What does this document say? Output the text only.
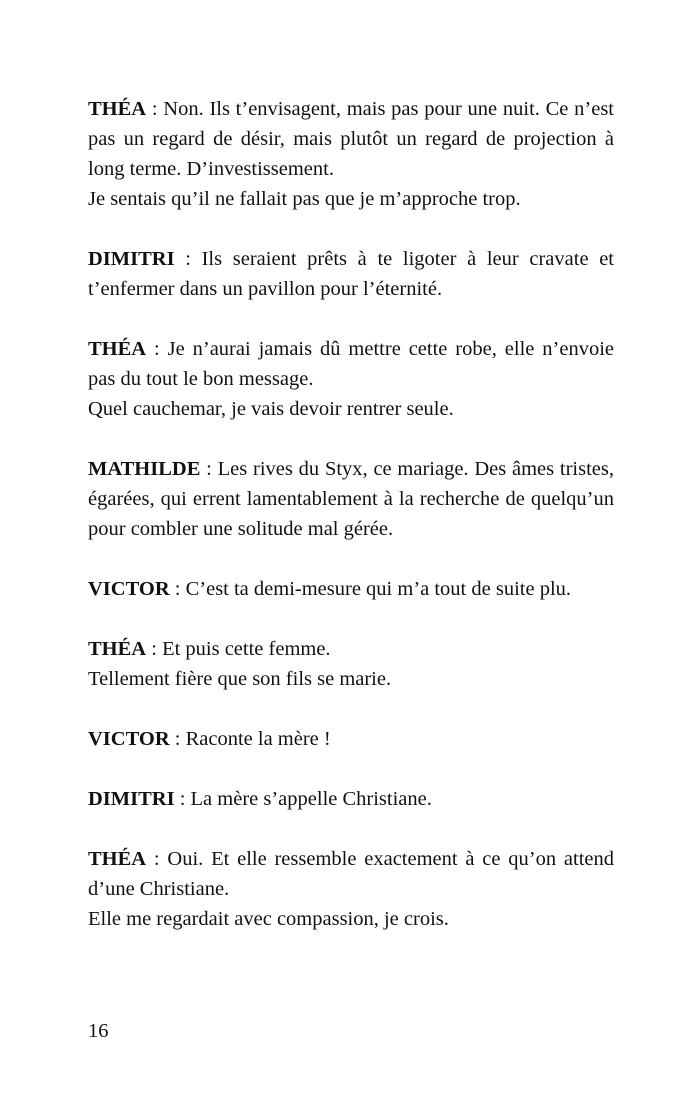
THÉA : Non. Ils t’envisagent, mais pas pour une nuit. Ce n’est pas un regard de désir, mais plutôt un regard de projection à long terme. D’investissement.
Je sentais qu’il ne fallait pas que je m’approche trop.
DIMITRI : Ils seraient prêts à te ligoter à leur cravate et t’enfermer dans un pavillon pour l’éternité.
THÉA : Je n’aurai jamais dû mettre cette robe, elle n’envoie pas du tout le bon message.
Quel cauchemar, je vais devoir rentrer seule.
MATHILDE : Les rives du Styx, ce mariage. Des âmes tristes, égarées, qui errent lamentablement à la recherche de quelqu’un pour combler une solitude mal gérée.
VICTOR : C’est ta demi-mesure qui m’a tout de suite plu.
THÉA : Et puis cette femme.
Tellement fière que son fils se marie.
VICTOR : Raconte la mère !
DIMITRI : La mère s’appelle Christiane.
THÉA : Oui. Et elle ressemble exactement à ce qu’on attend d’une Christiane.
Elle me regardait avec compassion, je crois.
16
